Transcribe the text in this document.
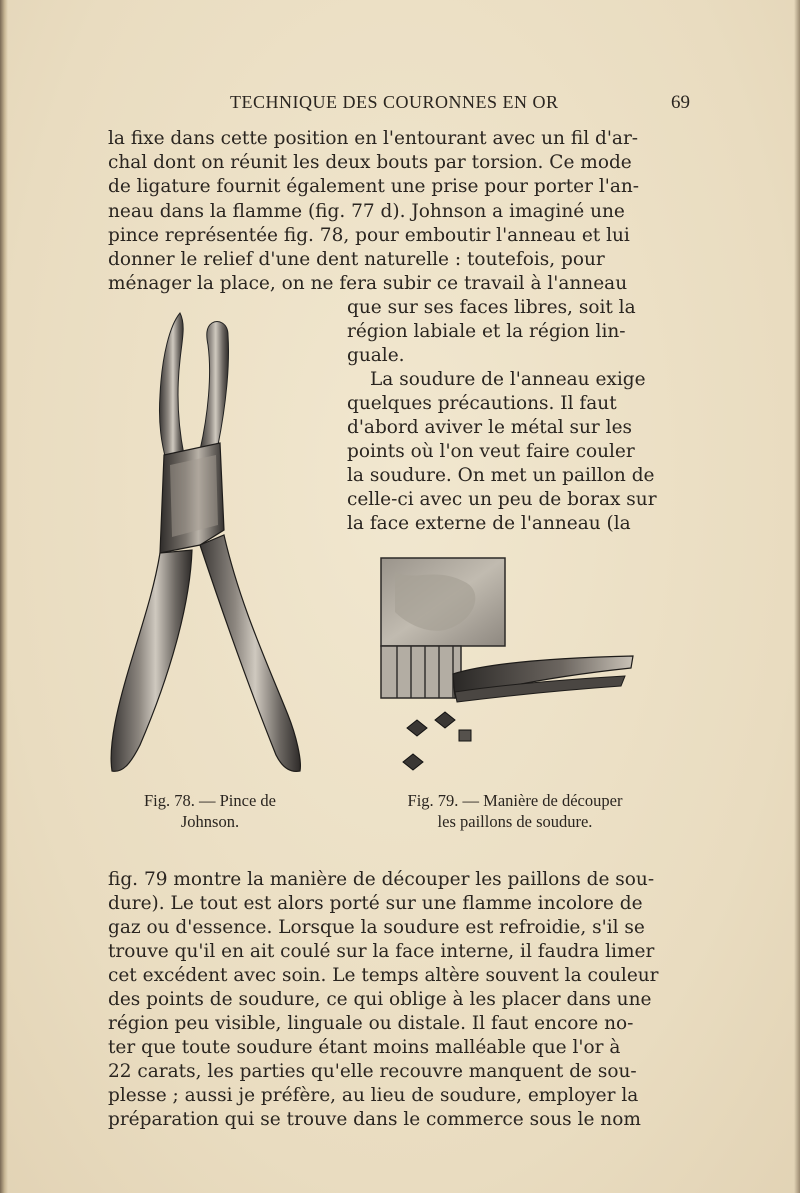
TECHNIQUE DES COURONNES EN OR	69
la fixe dans cette position en l'entourant avec un fil d'ar-
chal dont on réunit les deux bouts par torsion. Ce mode
de ligature fournit également une prise pour porter l'an-
neau dans la flamme (fig. 77 d). Johnson a imaginé une
pince représentée fig. 78, pour emboutir l'anneau et lui
donner le relief d'une dent naturelle : toutefois, pour
ménager la place, on ne fera subir ce travail à l'anneau
que sur ses faces libres, soit la
région labiale et la région lin-
guale.
La soudure de l'anneau exige
quelques précautions. Il faut
d'abord aviver le métal sur les
points où l'on veut faire couler
la soudure. On met un paillon de
celle-ci avec un peu de borax sur
la face externe de l'anneau (la
Fig. 78. — Pince de
Johnson.
Fig. 79. — Manière de découper
les paillons de soudure.
fig. 79 montre la manière de découper les paillons de sou-
dure). Le tout est alors porté sur une flamme incolore de
gaz ou d'essence. Lorsque la soudure est refroidie, s'il se
trouve qu'il en ait coulé sur la face interne, il faudra limer
cet excédent avec soin. Le temps altère souvent la couleur
des points de soudure, ce qui oblige à les placer dans une
région peu visible, linguale ou distale. Il faut encore no-
ter que toute soudure étant moins malléable que l'or à
22 carats, les parties qu'elle recouvre manquent de sou-
plesse ; aussi je préfère, au lieu de soudure, employer la
préparation qui se trouve dans le commerce sous le nom
